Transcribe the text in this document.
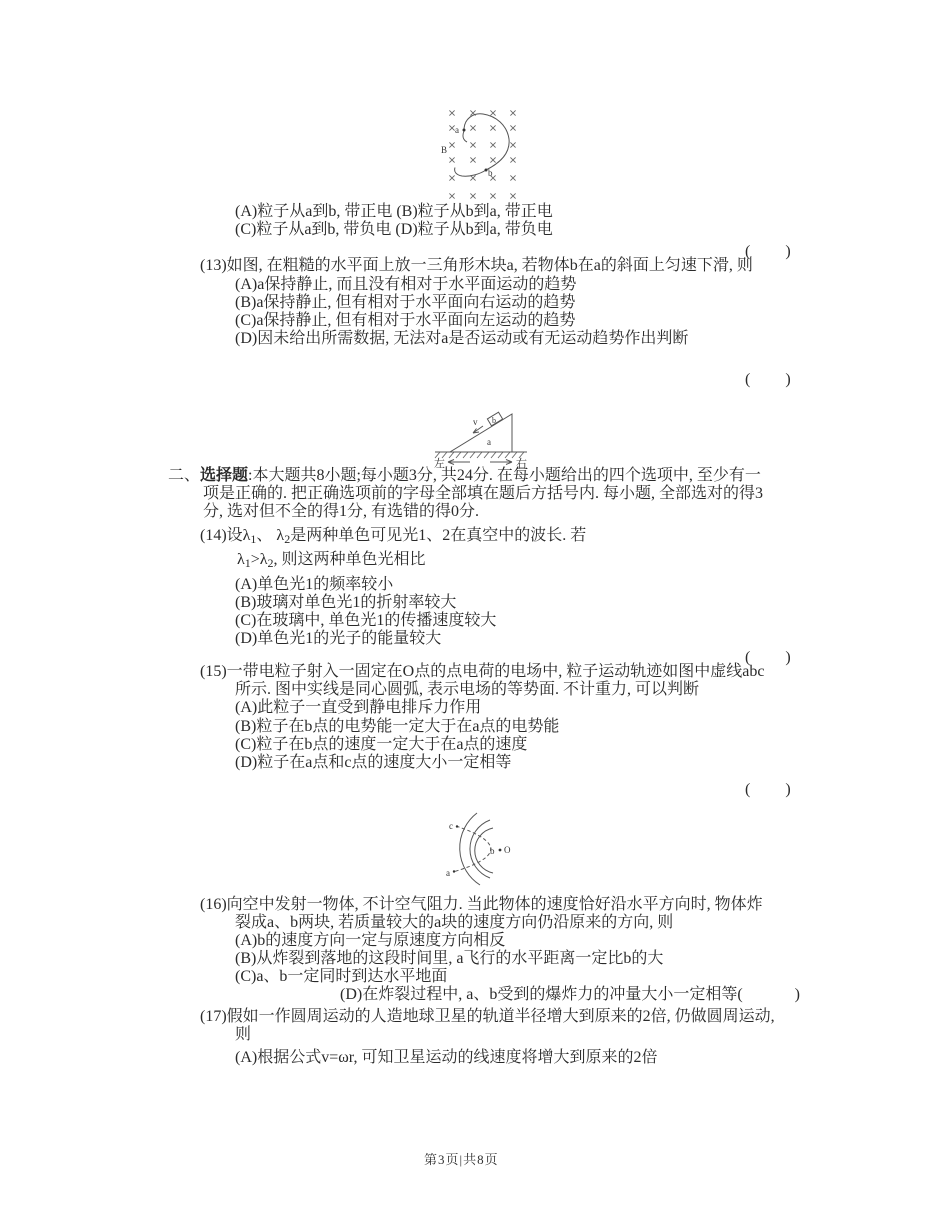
B
a
b
(A)粒子从a到b, 带正电 (B)粒子从b到a, 带正电
(C)粒子从a到b, 带负电 (D)粒子从b到a, 带负电
(　　)
(13)如图, 在粗糙的水平面上放一三角形木块a, 若物体b在a的斜面上匀速下滑, 则
(A)a保持静止, 而且没有相对于水平面运动的趋势
(B)a保持静止, 但有相对于水平面向右运动的趋势
(C)a保持静止, 但有相对于水平面向左运动的趋势
(D)因未给出所需数据, 无法对a是否运动或有无运动趋势作出判断
(　　)
b
v
a
左	右
二、选择题:本大题共8小题;每小题3分, 共24分. 在每小题给出的四个选项中, 至少有一
项是正确的. 把正确选项前的字母全部填在题后方括号内. 每小题, 全部选对的得3
分, 选对但不全的得1分, 有选错的得0分.
(14)设λ1、 λ2是两种单色可见光1、2在真空中的波长. 若
λ1>λ2, 则这两种单色光相比
(A)单色光1的频率较小
(B)玻璃对单色光1的折射率较大
(C)在玻璃中, 单色光1的传播速度较大
(D)单色光1的光子的能量较大
(　　)
(15)一带电粒子射入一固定在O点的点电荷的电场中, 粒子运动轨迹如图中虚线abc
所示. 图中实线是同心圆弧, 表示电场的等势面. 不计重力, 可以判断
(A)此粒子一直受到静电排斥力作用
(B)粒子在b点的电势能一定大于在a点的电势能
(C)粒子在b点的速度一定大于在a点的速度
(D)粒子在a点和c点的速度大小一定相等
(　　)
c
a
b O
(16)向空中发射一物体, 不计空气阻力. 当此物体的速度恰好沿水平方向时, 物体炸
裂成a、b两块, 若质量较大的a块的速度方向仍沿原来的方向, 则
(A)b的速度方向一定与原速度方向相反
(B)从炸裂到落地的这段时间里, a飞行的水平距离一定比b的大
(C)a、b一定同时到达水平地面
(D)在炸裂过程中, a、b受到的爆炸力的冲量大小一定相等(　　　)
(17)假如一作圆周运动的人造地球卫星的轨道半径增大到原来的2倍, 仍做圆周运动,
则
(A)根据公式v=ωr, 可知卫星运动的线速度将增大到原来的2倍
第3页|共8页
